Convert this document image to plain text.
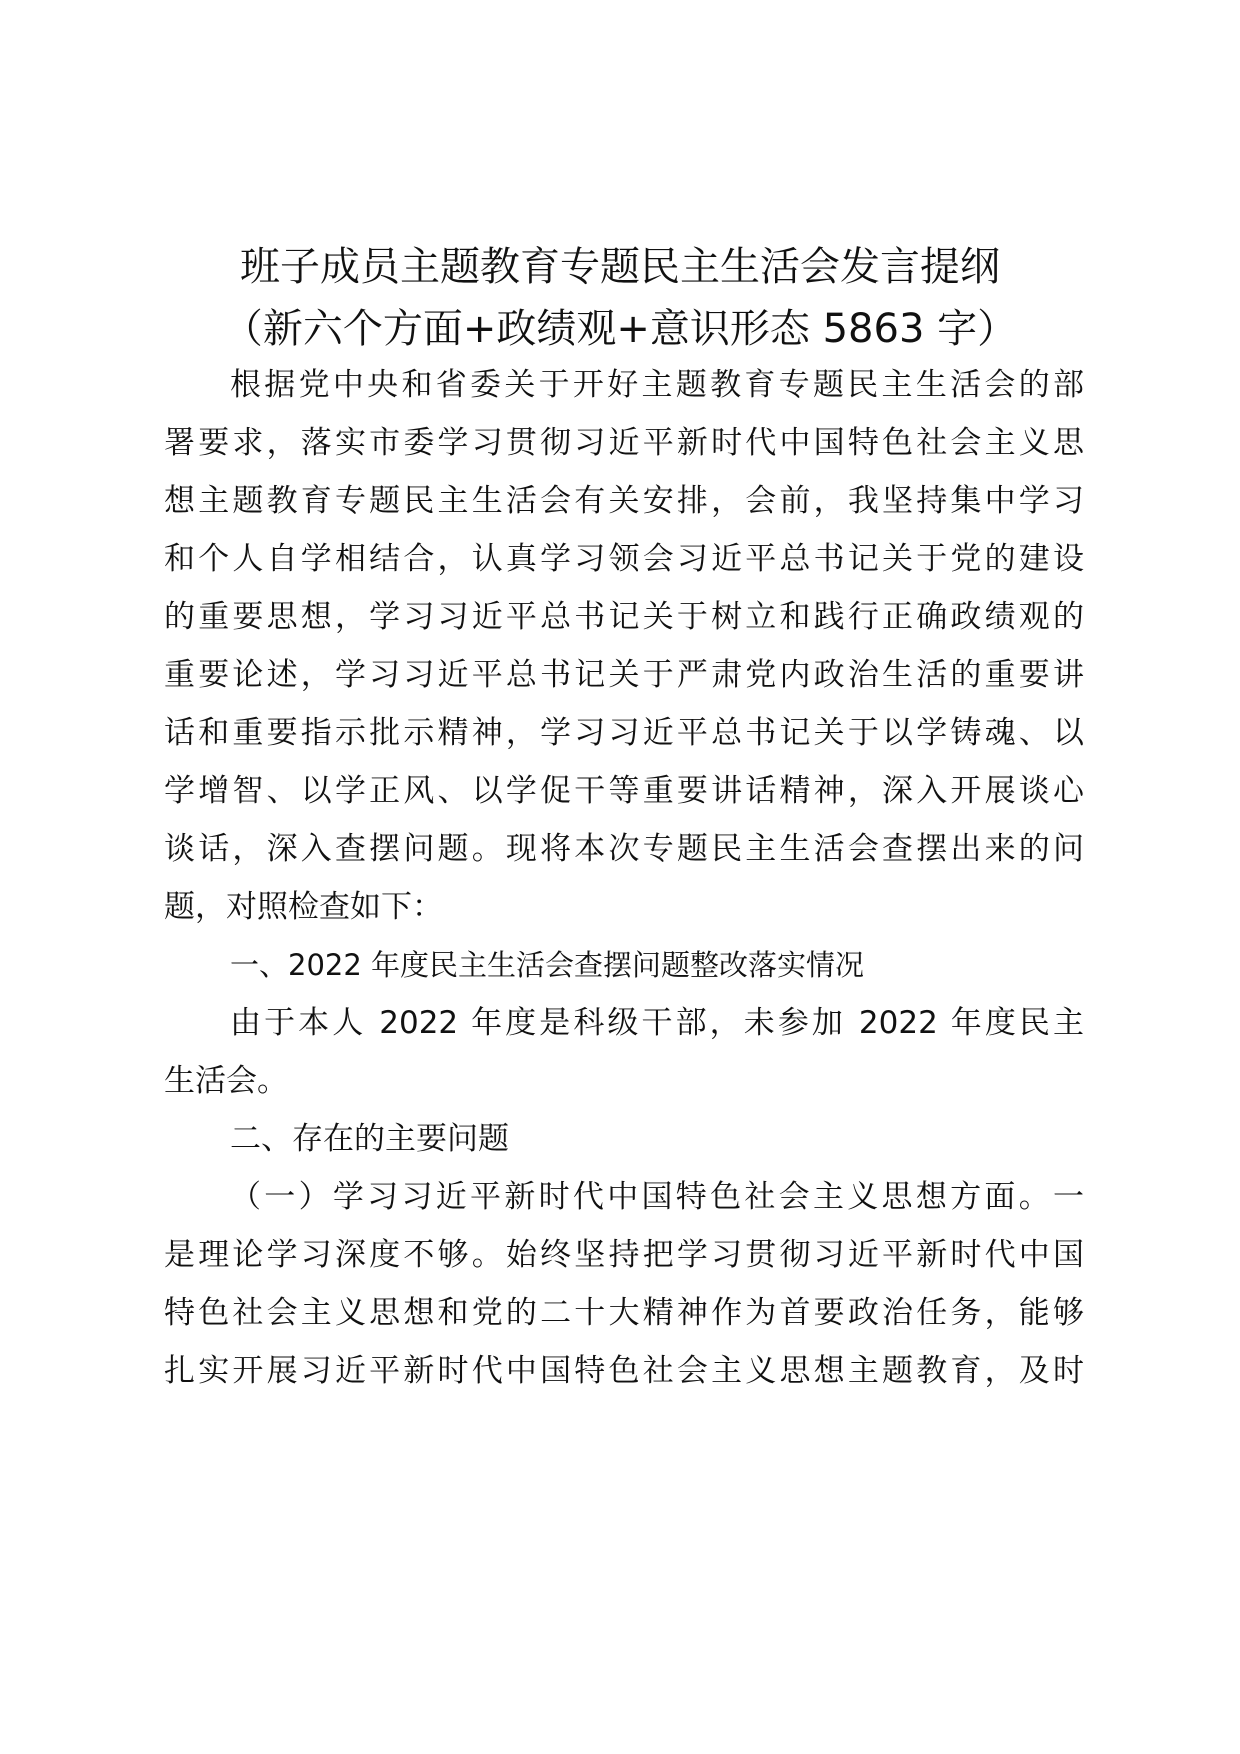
班子成员主题教育专题民主生活会发言提纲
（新六个方面+政绩观+意识形态 5863 字）
根据党中央和省委关于开好主题教育专题民主生活会的部
署要求，落实市委学习贯彻习近平新时代中国特色社会主义思
想主题教育专题民主生活会有关安排，会前，我坚持集中学习
和个人自学相结合，认真学习领会习近平总书记关于党的建设
的重要思想，学习习近平总书记关于树立和践行正确政绩观的
重要论述，学习习近平总书记关于严肃党内政治生活的重要讲
话和重要指示批示精神，学习习近平总书记关于以学铸魂、以
学增智、以学正风、以学促干等重要讲话精神，深入开展谈心
谈话，深入查摆问题。现将本次专题民主生活会查摆出来的问
题，对照检查如下：
一、2022 年度民主生活会查摆问题整改落实情况
由于本人 2022 年度是科级干部，未参加 2022 年度民主
生活会。
二、存在的主要问题
（一）学习习近平新时代中国特色社会主义思想方面。一
是理论学习深度不够。始终坚持把学习贯彻习近平新时代中国
特色社会主义思想和党的二十大精神作为首要政治任务，能够
扎实开展习近平新时代中国特色社会主义思想主题教育，及时
